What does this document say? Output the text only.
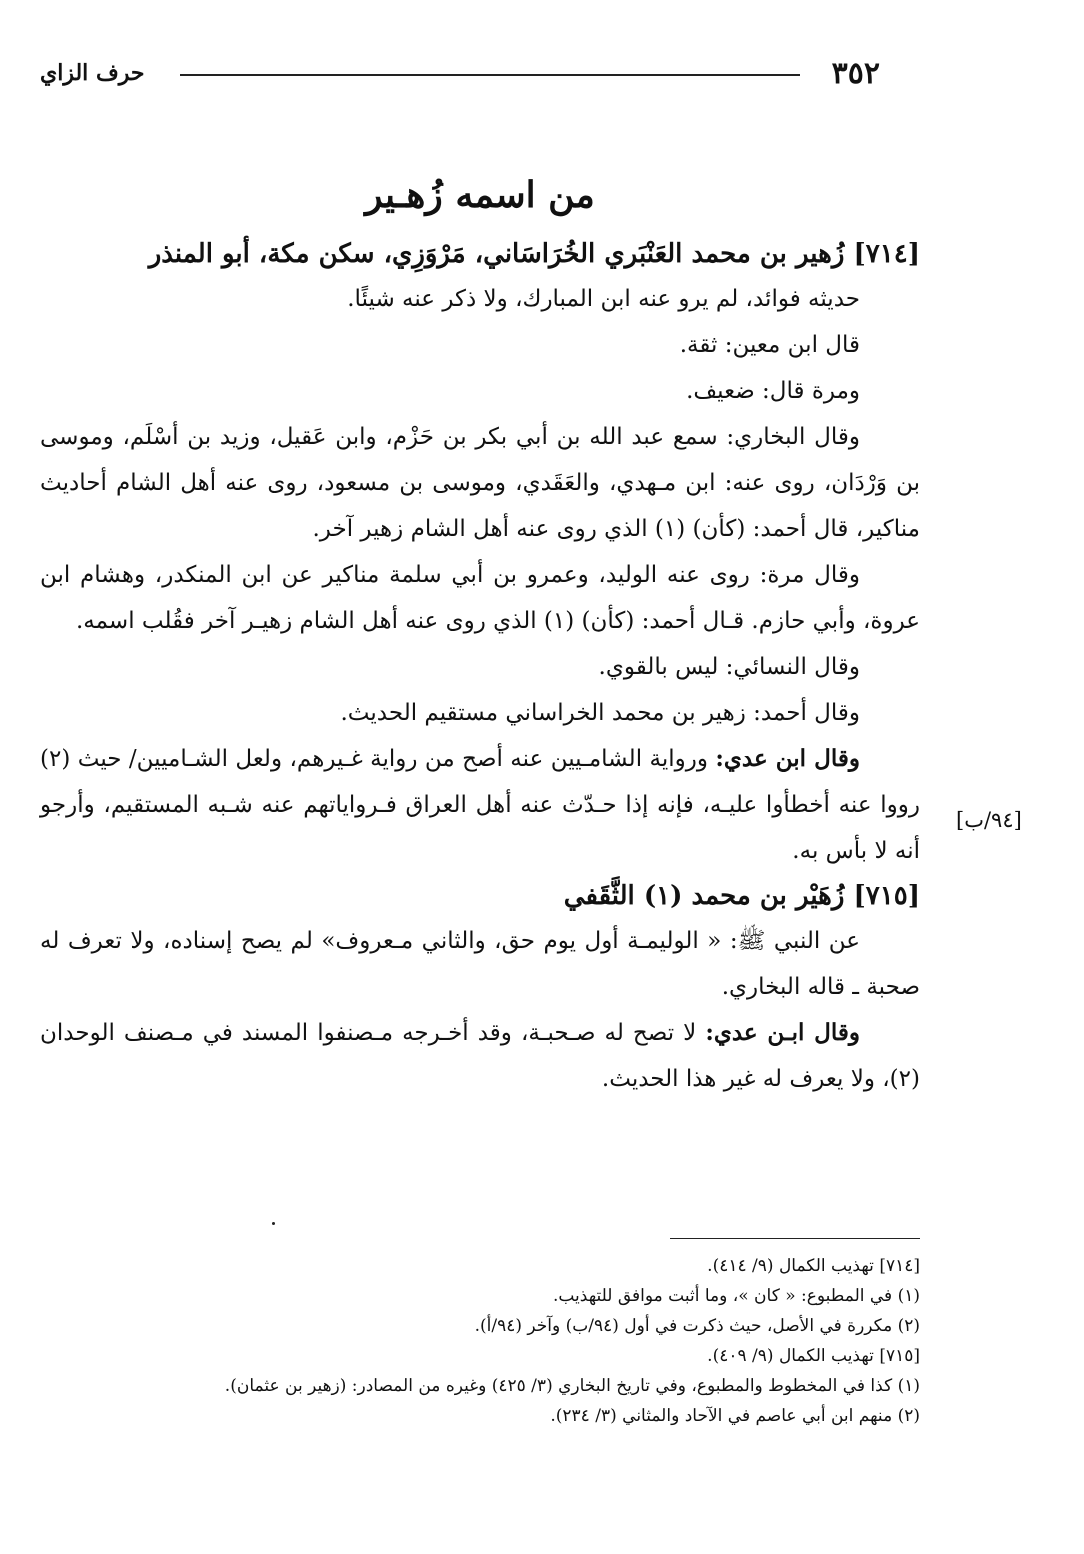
٣٥٢
حرف الزاي
[٩٤/ب]
من اسمه زُهـير
[٧١٤] زُهير بن محمد العَنْبَري الخُرَاسَاني، مَرْوَزِي، سكن مكة، أبو المنذر

حديثه فوائد، لم يرو عنه ابن المبارك، ولا ذكر عنه شيئًا.

قال ابن معين: ثقة.

ومرة قال: ضعيف.

وقال البخاري: سمع عبد الله بن أبي بكر بن حَزْم، وابن عَقيل، وزيد بن أسْلَم، وموسى بن وَرْدَان، روى عنه: ابن مـهدي، والعَقَدي، وموسى بن مسعود، روى عنه أهل الشام أحاديث مناكير، قال أحمد: (كأن) (١) الذي روى عنه أهل الشام زهير آخر.

وقال مرة: روى عنه الوليد، وعمرو بن أبي سلمة مناكير عن ابن المنكدر، وهشام ابن عروة، وأبي حازم. قـال أحمد: (كأن) (١) الذي روى عنه أهل الشام زهيـر آخر فقُلب اسمه.

وقال النسائي: ليس بالقوي.

وقال أحمد: زهير بن محمد الخراساني مستقيم الحديث.

وقال ابن عدي: ورواية الشامـيين عنه أصح من رواية غـيرهم، ولعل الشـاميين/ حيث (٢) رووا عنه أخطأوا عليـه، فإنه إذا حـدّث عنه أهل العراق فـرواياتهم عنه شـبه المستقيم، وأرجو أنه لا بأس به.

[٧١٥] زُهَيْر بن محمد (١) الثَّقَفي

عن النبي ﷺ: « الوليمـة أول يوم حق، والثاني مـعروف» لم يصح إسناده، ولا تعرف له صحبة ـ قاله البخاري.

وقال ابـن عدي: لا تصح له صـحبـة، وقد أخـرجه مـصنفوا المسند في مـصنف الوحدان (٢)، ولا يعرف له غير هذا الحديث.

[٧١٤] تهذيب الكمال (٩/ ٤١٤).

(١) في المطبوع: « كان »، وما أثبت موافق للتهذيب.

(٢) مكررة في الأصل، حيث ذكرت في أول (٩٤/ب) وآخر (٩٤/أ).

[٧١٥] تهذيب الكمال (٩/ ٤٠٩).

(١) كذا في المخطوط والمطبوع، وفي تاريخ البخاري (٣/ ٤٢٥) وغيره من المصادر: (زهير بن عثمان).

(٢) منهم ابن أبي عاصم في الآحاد والمثاني (٣/ ٢٣٤).
